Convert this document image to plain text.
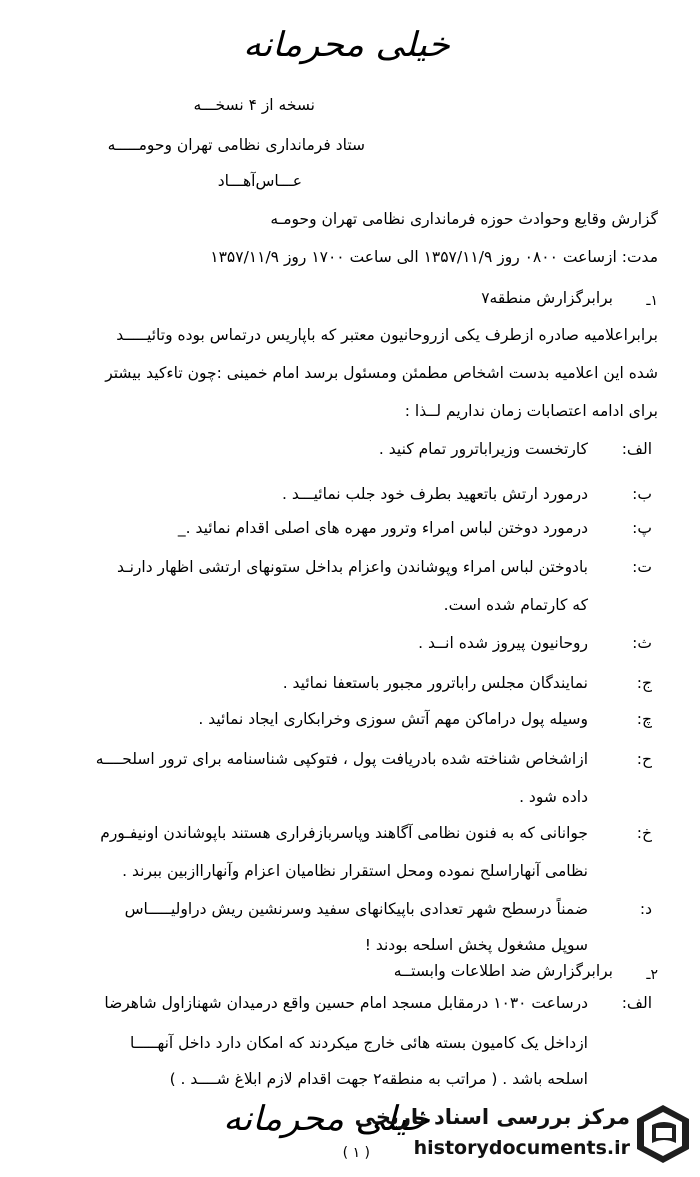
خیلی محرمانه
نسخه از ۴ نسخـــه
ستاد فرمانداری نظامی تهران وحومـــــه
عـــاس‌آهـــاد
گزارش وقایع وحوادث حوزه فرمانداری نظامی تهران وحومـه
مدت: ازساعت ۰۸۰۰ روز ۱۳۵۷/۱۱/۹ الی ساعت ۱۷۰۰ روز ۱۳۵۷/۱۱/۹
۱ـ
برابرگزارش منطقه۷
برابراعلامیه صادره ازطرف یکی ازروحانیون معتبر که باپاریس درتماس بوده وتائیـــــد
شده این اعلامیه بدست اشخاص مطمئن ومسئول برسد امام خمینی :چون تاءکید بیشتر
برای ادامه اعتصابات زمان نداریم لــذا :
الف:
کارتخست وزیراباترور تمام کنید .
ب:
درمورد ارتش باتعهید بطرف خود جلب نمائیـــد .
پ:
درمورد دوختن لباس امراء وترور مهره های اصلی اقدام نمائید ._
ت:
بادوختن لباس امراء وپوشاندن واعزام بداخل ستونهای ارتشی اظهار دارنـد
که کارتمام شده است.
ث:
روحانیون پیروز شده انــد .
ج:
نمایندگان مجلس راباترور مجبور باستعفا نمائید .
چ:
وسیله پول دراماکن مهم آتش سوزی وخرابکاری ایجاد نمائید .
ح:
ازاشخاص شناخته شده بادریافت پول ، فتوکپی شناسنامه برای ترور اسلحــــه
داده شود .
خ:
جوانانی که به فنون نظامی آگاهند وپاسربازفراری هستند باپوشاندن اونیفـورم
نظامی آنهاراسلح نموده ومحل استقرار نظامیان اعزام وآنهاراازبین ببرند .
د:
ضمناً درسطح شهر تعدادی باپیکانهای سفید وسرنشین ریش دراولیـــــاس
سوپل مشغول پخش اسلحه بودند !
۲ـ
برابرگزارش ضد اطلاعات وابستــه
الف:
درساعت ۱۰۳۰ درمقابل مسجد امام حسین واقع درمیدان شهنازاول شاهرضا
ازداخل یک کامیون بسته هائی خارج میکردند که امکان دارد داخل آنهـــــا
اسلحه باشد . ( مراتب به منطقه۲ جهت اقدام لازم ابلاغ شــــد . )
خیلی محرمانه
( ۱ )
مرکز بررسی اسناد تاریخی
historydocuments.ir
